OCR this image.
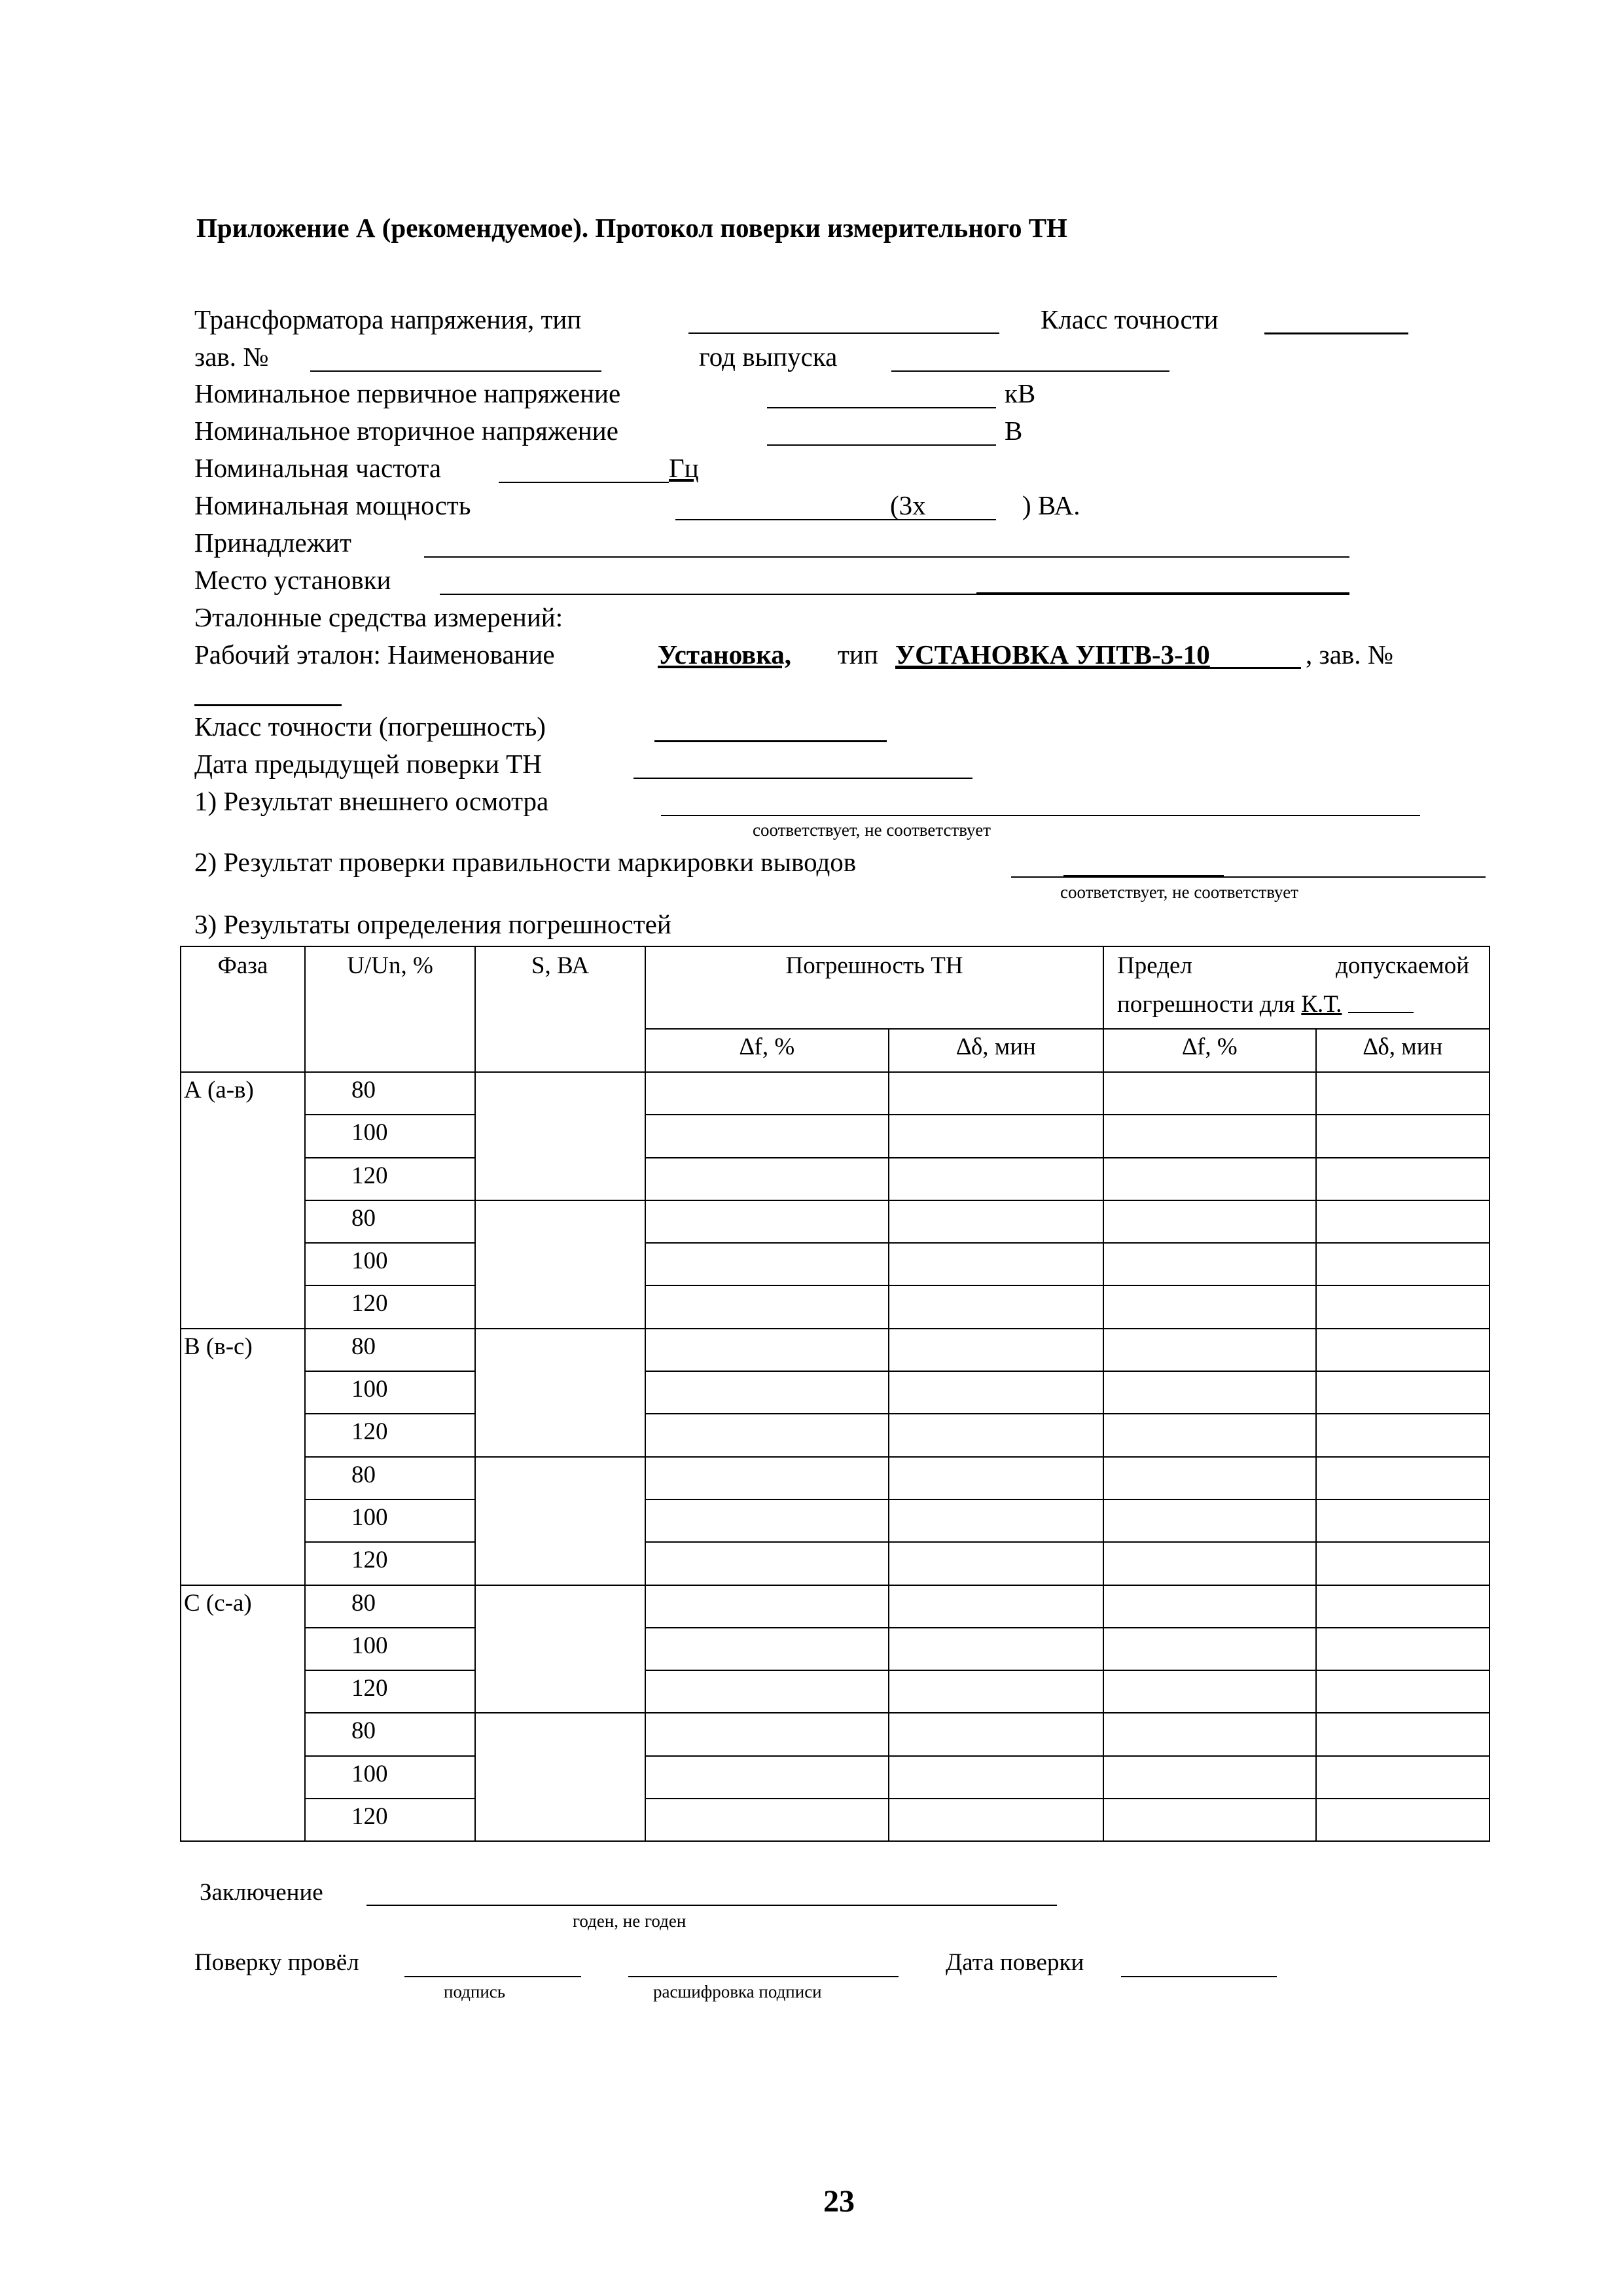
Приложение А (рекомендуемое). Протокол поверки измерительного ТН
Трансформатора напряжения, тип	Класс точности
зав. №	год выпуска
Номинальное первичное напряжение	кВ
Номинальное вторичное напряжение	В
Номинальная частота	Гц
Номинальная мощность	(3х	) ВА.
Принадлежит
Место установки
Эталонные средства измерений:
Рабочий эталон: Наименование	Установка, тип УСТАНОВКА УПТВ-3-10	, зав. №
Класс точности (погрешность)
Дата предыдущей поверки ТН
1) Результат внешнего осмотра
соответствует, не соответствует
2) Результат проверки правильности маркировки выводов
соответствует, не соответствует
3) Результаты определения погрешностей
Фаза	U/Un, %	S, ВА	Погрешность ТН		Предел допускаемой
погрешности для К.Т.	

			∆f, %	∆δ, мин	∆f, %	∆δ, мин
А (а-в)	80					
	100					
	120					
	80					
	100					
	120					
В (в-с)	80					
	100					
	120					
	80					
	100					
	120					
С (с-а)	80					
	100					
	120					
	80					
	100					
	120					
Заключение
годен, не годен
Поверку провёл	Дата поверки
подпись	расшифровка подписи
23
